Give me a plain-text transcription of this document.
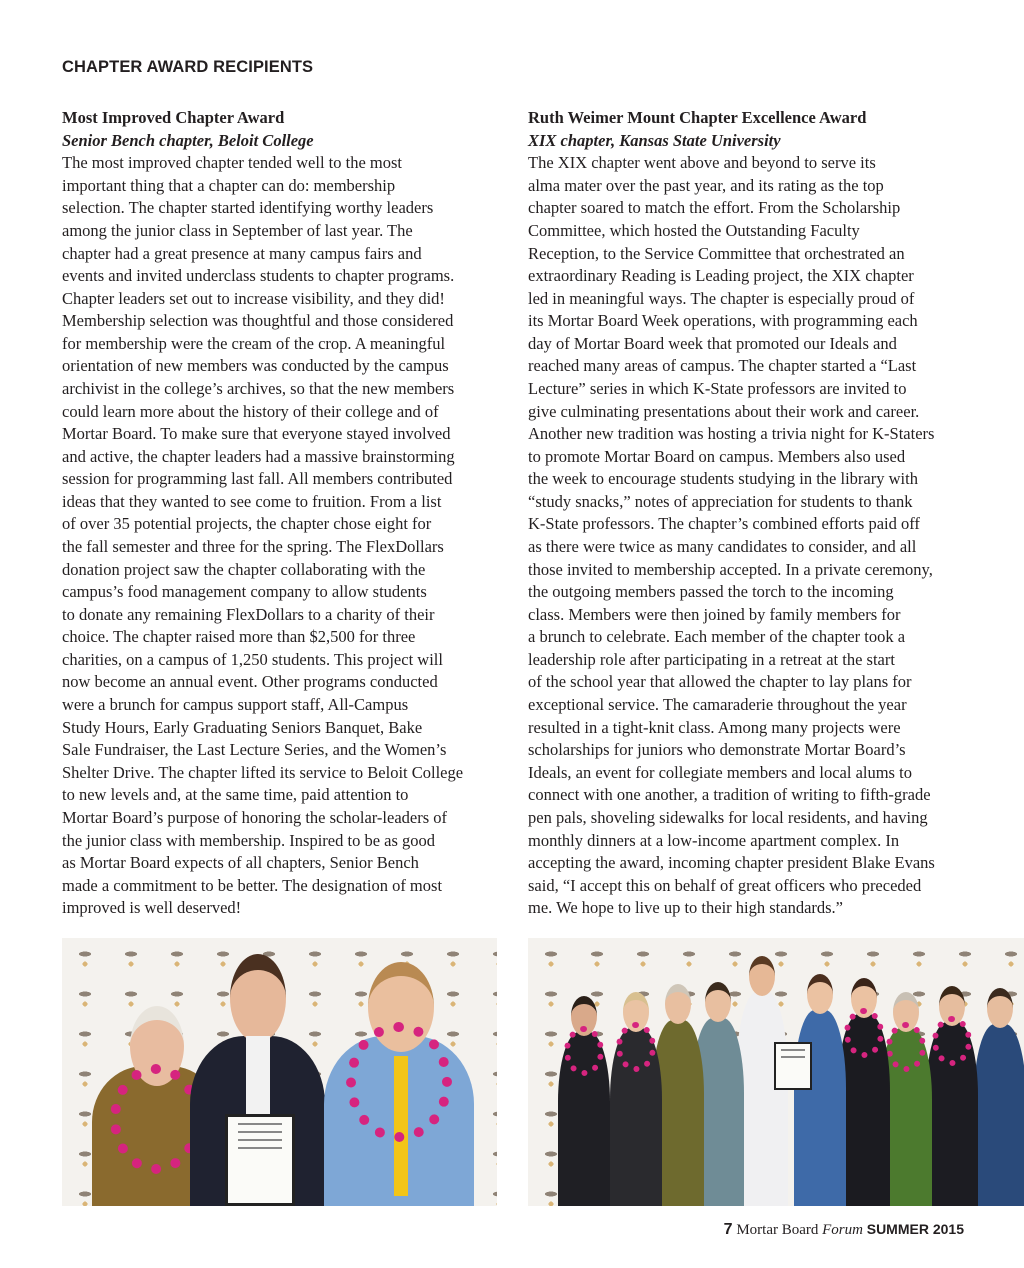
CHAPTER AWARD RECIPIENTS
Most Improved Chapter Award
Senior Bench chapter, Beloit College
The most improved chapter tended well to the most
important thing that a chapter can do: membership
selection. The chapter started identifying worthy leaders
among the junior class in September of last year. The
chapter had a great presence at many campus fairs and
events and invited underclass students to chapter programs.
Chapter leaders set out to increase visibility, and they did!
Membership selection was thoughtful and those considered
for membership were the cream of the crop. A meaningful
orientation of new members was conducted by the campus
archivist in the college’s archives, so that the new members
could learn more about the history of their college and of
Mortar Board. To make sure that everyone stayed involved
and active, the chapter leaders had a massive brainstorming
session for programming last fall. All members contributed
ideas that they wanted to see come to fruition. From a list
of over 35 potential projects, the chapter chose eight for
the fall semester and three for the spring. The FlexDollars
donation project saw the chapter collaborating with the
campus’s food management company to allow students
to donate any remaining FlexDollars to a charity of their
choice. The chapter raised more than $2,500 for three
charities, on a campus of 1,250 students. This project will
now become an annual event. Other programs conducted
were a brunch for campus support staff, All-Campus
Study Hours, Early Graduating Seniors Banquet, Bake
Sale Fundraiser, the Last Lecture Series, and the Women’s
Shelter Drive. The chapter lifted its service to Beloit College
to new levels and, at the same time, paid attention to
Mortar Board’s purpose of honoring the scholar-leaders of
the junior class with membership. Inspired to be as good
as Mortar Board expects of all chapters, Senior Bench
made a commitment to be better. The designation of most
improved is well deserved!
Ruth Weimer Mount Chapter Excellence Award
XIX chapter, Kansas State University
The XIX chapter went above and beyond to serve its
alma mater over the past year, and its rating as the top
chapter soared to match the effort. From the Scholarship
Committee, which hosted the Outstanding Faculty
Reception, to the Service Committee that orchestrated an
extraordinary Reading is Leading project, the XIX chapter
led in meaningful ways. The chapter is especially proud of
its Mortar Board Week operations, with programming each
day of Mortar Board week that promoted our Ideals and
reached many areas of campus. The chapter started a “Last
Lecture” series in which K-State professors are invited to
give culminating presentations about their work and career.
Another new tradition was hosting a trivia night for K-Staters
to promote Mortar Board on campus. Members also used
the week to encourage students studying in the library with
“study snacks,” notes of appreciation for students to thank
K-State professors. The chapter’s combined efforts paid off
as there were twice as many candidates to consider, and all
those invited to membership accepted. In a private ceremony,
the outgoing members passed the torch to the incoming
class. Members were then joined by family members for
a brunch to celebrate. Each member of the chapter took a
leadership role after participating in a retreat at the start
of the school year that allowed the chapter to lay plans for
exceptional service. The camaraderie throughout the year
resulted in a tight-knit class. Among many projects were
scholarships for juniors who demonstrate Mortar Board’s
Ideals, an event for collegiate members and local alums to
connect with one another, a tradition of writing to fifth-grade
pen pals, shoveling sidewalks for local residents, and having
monthly dinners at a low-income apartment complex. In
accepting the award, incoming chapter president Blake Evans
said, “I accept this on behalf of great officers who preceded
me. We hope to live up to their high standards.”
7 Mortar Board Forum SUMMER 2015
